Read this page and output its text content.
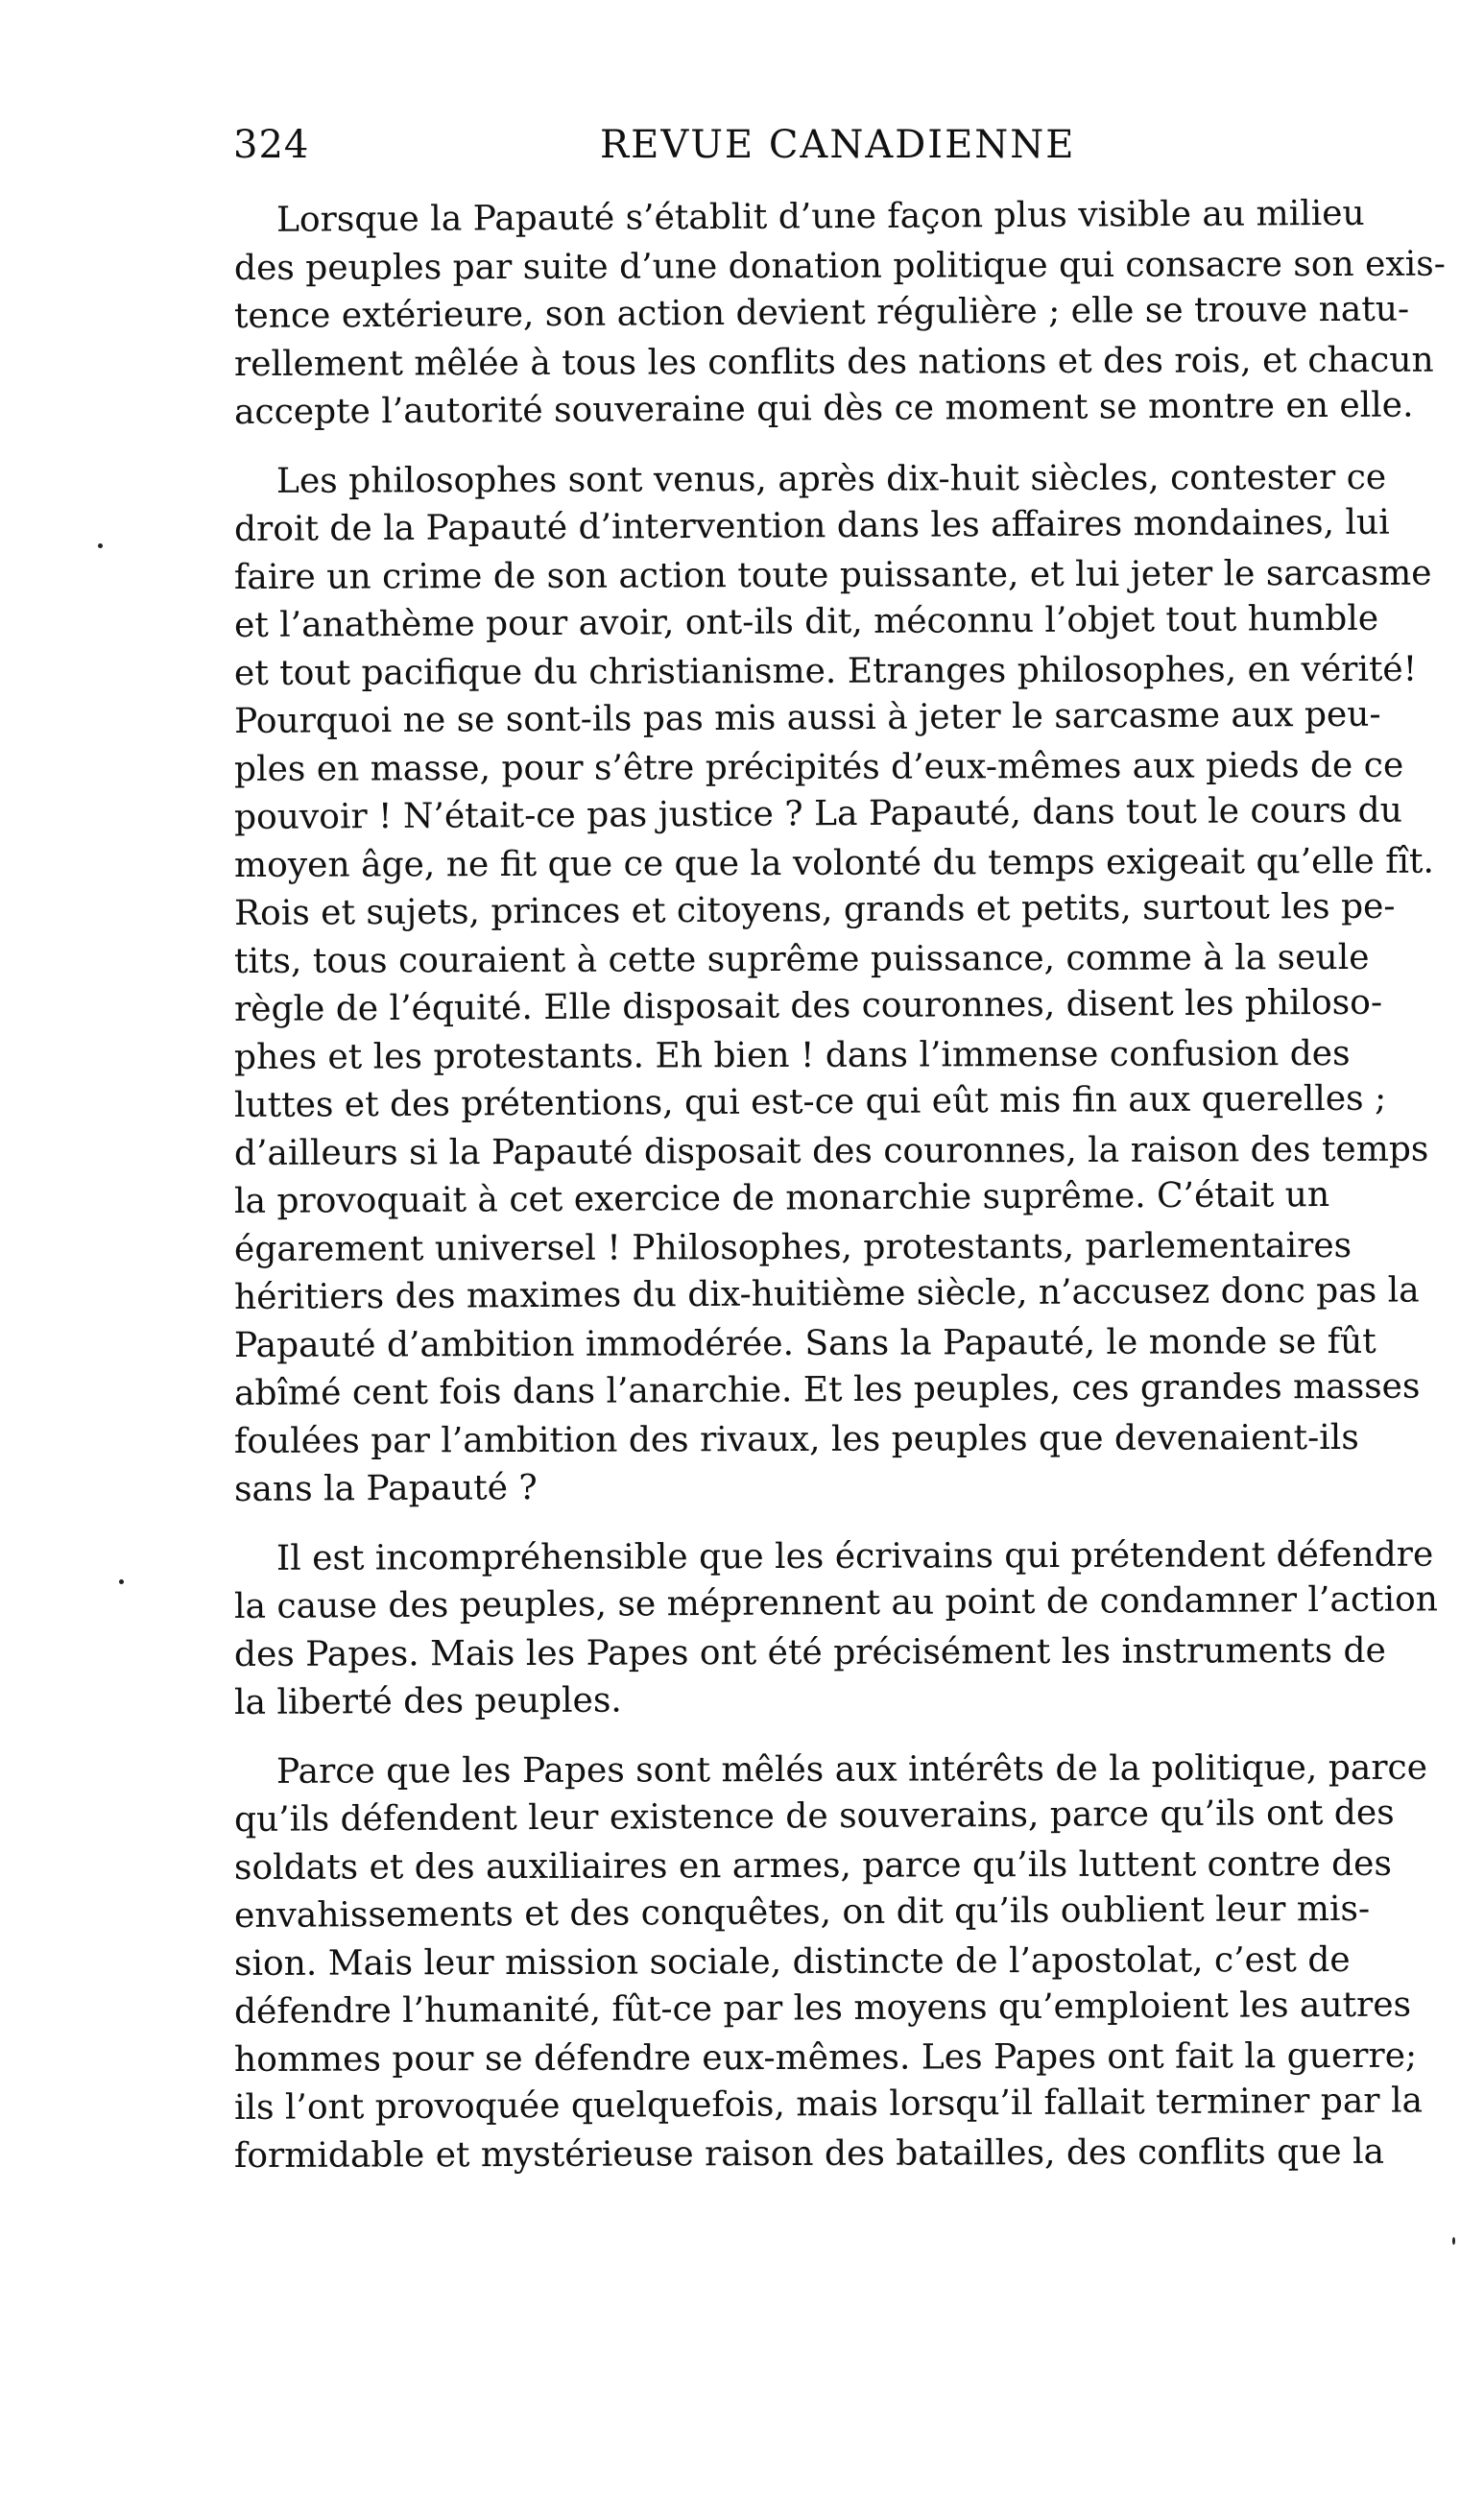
324	REVUE CANADIENNE
Lorsque la Papauté s’établit d’une façon plus visible au milieu
des peuples par suite d’une donation politique qui consacre son exis-
tence extérieure, son action devient régulière ; elle se trouve natu-
rellement mêlée à tous les conflits des nations et des rois, et chacun
accepte l’autorité souveraine qui dès ce moment se montre en elle.
Les philosophes sont venus, après dix-huit siècles, contester ce
droit de la Papauté d’intervention dans les affaires mondaines, lui
faire un crime de son action toute puissante, et lui jeter le sarcasme
et l’anathème pour avoir, ont-ils dit, méconnu l’objet tout humble
et tout pacifique du christianisme. Etranges philosophes, en vérité!
Pourquoi ne se sont-ils pas mis aussi à jeter le sarcasme aux peu-
ples en masse, pour s’être précipités d’eux-mêmes aux pieds de ce
pouvoir ! N’était-ce pas justice ? La Papauté, dans tout le cours du
moyen âge, ne fit que ce que la volonté du temps exigeait qu’elle fît.
Rois et sujets, princes et citoyens, grands et petits, surtout les pe-
tits, tous couraient à cette suprême puissance, comme à la seule
règle de l’équité. Elle disposait des couronnes, disent les philoso-
phes et les protestants. Eh bien ! dans l’immense confusion des
luttes et des prétentions, qui est-ce qui eût mis fin aux querelles ;
d’ailleurs si la Papauté disposait des couronnes, la raison des temps
la provoquait à cet exercice de monarchie suprême. C’était un
égarement universel ! Philosophes, protestants, parlementaires
héritiers des maximes du dix-huitième siècle, n’accusez donc pas la
Papauté d’ambition immodérée. Sans la Papauté, le monde se fût
abîmé cent fois dans l’anarchie. Et les peuples, ces grandes masses
foulées par l’ambition des rivaux, les peuples que devenaient-ils
sans la Papauté ?
Il est incompréhensible que les écrivains qui prétendent défendre
la cause des peuples, se méprennent au point de condamner l’action
des Papes. Mais les Papes ont été précisément les instruments de
la liberté des peuples.
Parce que les Papes sont mêlés aux intérêts de la politique, parce
qu’ils défendent leur existence de souverains, parce qu’ils ont des
soldats et des auxiliaires en armes, parce qu’ils luttent contre des
envahissements et des conquêtes, on dit qu’ils oublient leur mis-
sion. Mais leur mission sociale, distincte de l’apostolat, c’est de
défendre l’humanité, fût-ce par les moyens qu’emploient les autres
hommes pour se défendre eux-mêmes. Les Papes ont fait la guerre;
ils l’ont provoquée quelquefois, mais lorsqu’il fallait terminer par la
formidable et mystérieuse raison des batailles, des conflits que la
